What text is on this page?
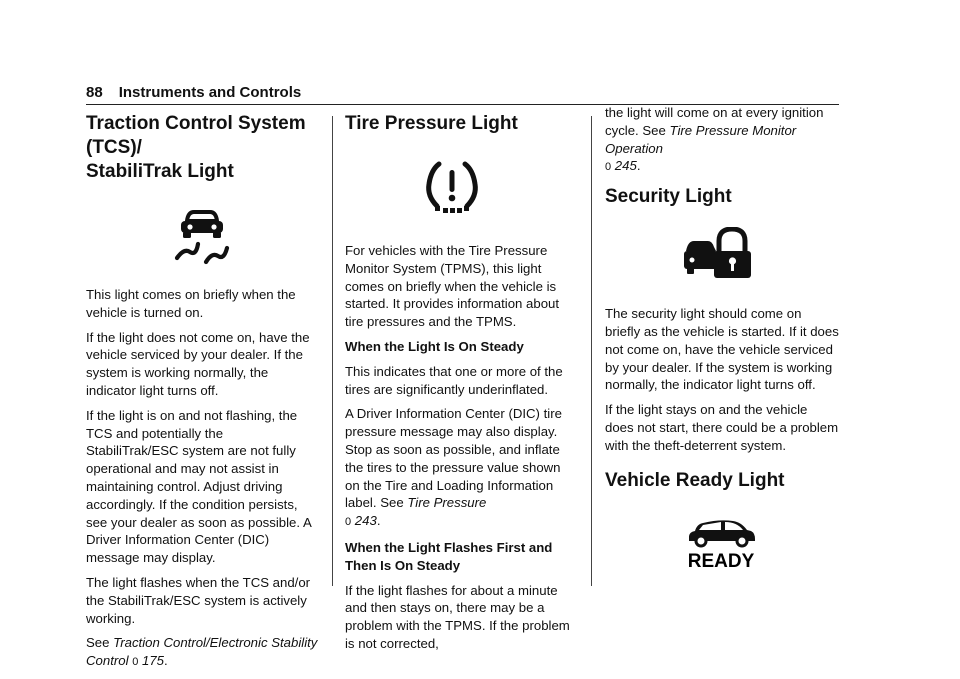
88 Instruments and Controls
Traction Control System (TCS)/
StabiliTrak Light

This light comes on briefly when the vehicle is turned on.

If the light does not come on, have the vehicle serviced by your dealer. If the system is working normally, the indicator light turns off.

If the light is on and not flashing, the TCS and potentially the StabiliTrak/ESC system are not fully operational and may not assist in maintaining control. Adjust driving accordingly. If the condition persists, see your dealer as soon as possible. A Driver Information Center (DIC) message may display.

The light flashes when the TCS and/or the StabiliTrak/ESC system is actively working.

See Traction Control/Electronic Stability Control 0 175.

Tire Pressure Light

For vehicles with the Tire Pressure Monitor System (TPMS), this light comes on briefly when the vehicle is started. It provides information about tire pressures and the TPMS.

When the Light Is On Steady

This indicates that one or more of the tires are significantly underinflated.

A Driver Information Center (DIC) tire pressure message may also display. Stop as soon as possible, and inflate the tires to the pressure value shown on the Tire and Loading Information label. See Tire Pressure
0 243.

When the Light Flashes First and Then Is On Steady

If the light flashes for about a minute and then stays on, there may be a problem with the TPMS. If the problem is not corrected,

the light will come on at every ignition cycle. See Tire Pressure Monitor Operation
0 245.

Security Light

The security light should come on briefly as the vehicle is started. If it does not come on, have the vehicle serviced by your dealer. If the system is working normally, the indicator light turns off.

If the light stays on and the vehicle does not start, there could be a problem with the theft-deterrent system.

Vehicle Ready Light
READY
